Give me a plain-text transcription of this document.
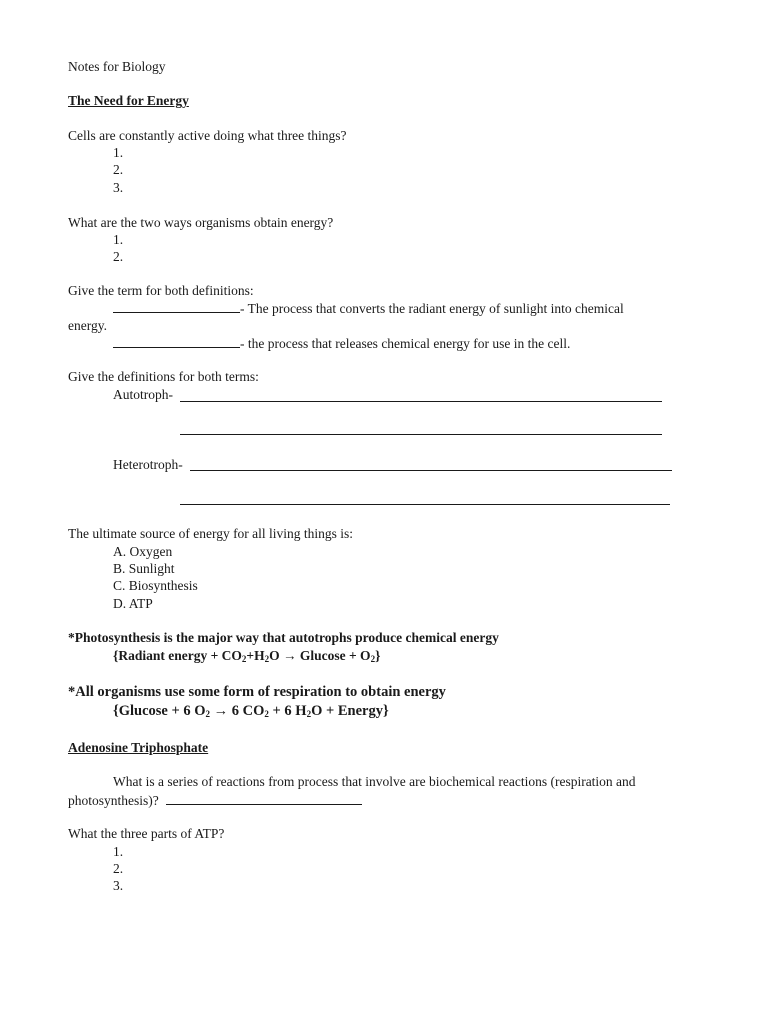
Notes for Biology
The Need for Energy
Cells are constantly active doing what three things?
1.
2.
3.
What are the two ways organisms obtain energy?
1.
2.
Give the term for both definitions:
- The process that converts the radiant energy of sunlight into chemical
energy.
- the process that releases chemical energy for use in the cell.
Give the definitions for both terms:
Autotroph-
Heterotroph-
The ultimate source of energy for all living things is:
A. Oxygen
B. Sunlight
C. Biosynthesis
D. ATP
*Photosynthesis is the major way that autotrophs produce chemical energy
{Radiant energy + $CO_2+H_2O \to Glucose + O_2$}
*All organisms use some form of respiration to obtain energy
{Glucose + 6 $O_2 \to 6$ $CO_2 + 6$ $H_2O$ + Energy}
Adenosine Triphosphate
What is a series of reactions from process that involve are biochemical reactions (respiration and
photosynthesis)?
What the three parts of ATP?
1.
2.
3.
